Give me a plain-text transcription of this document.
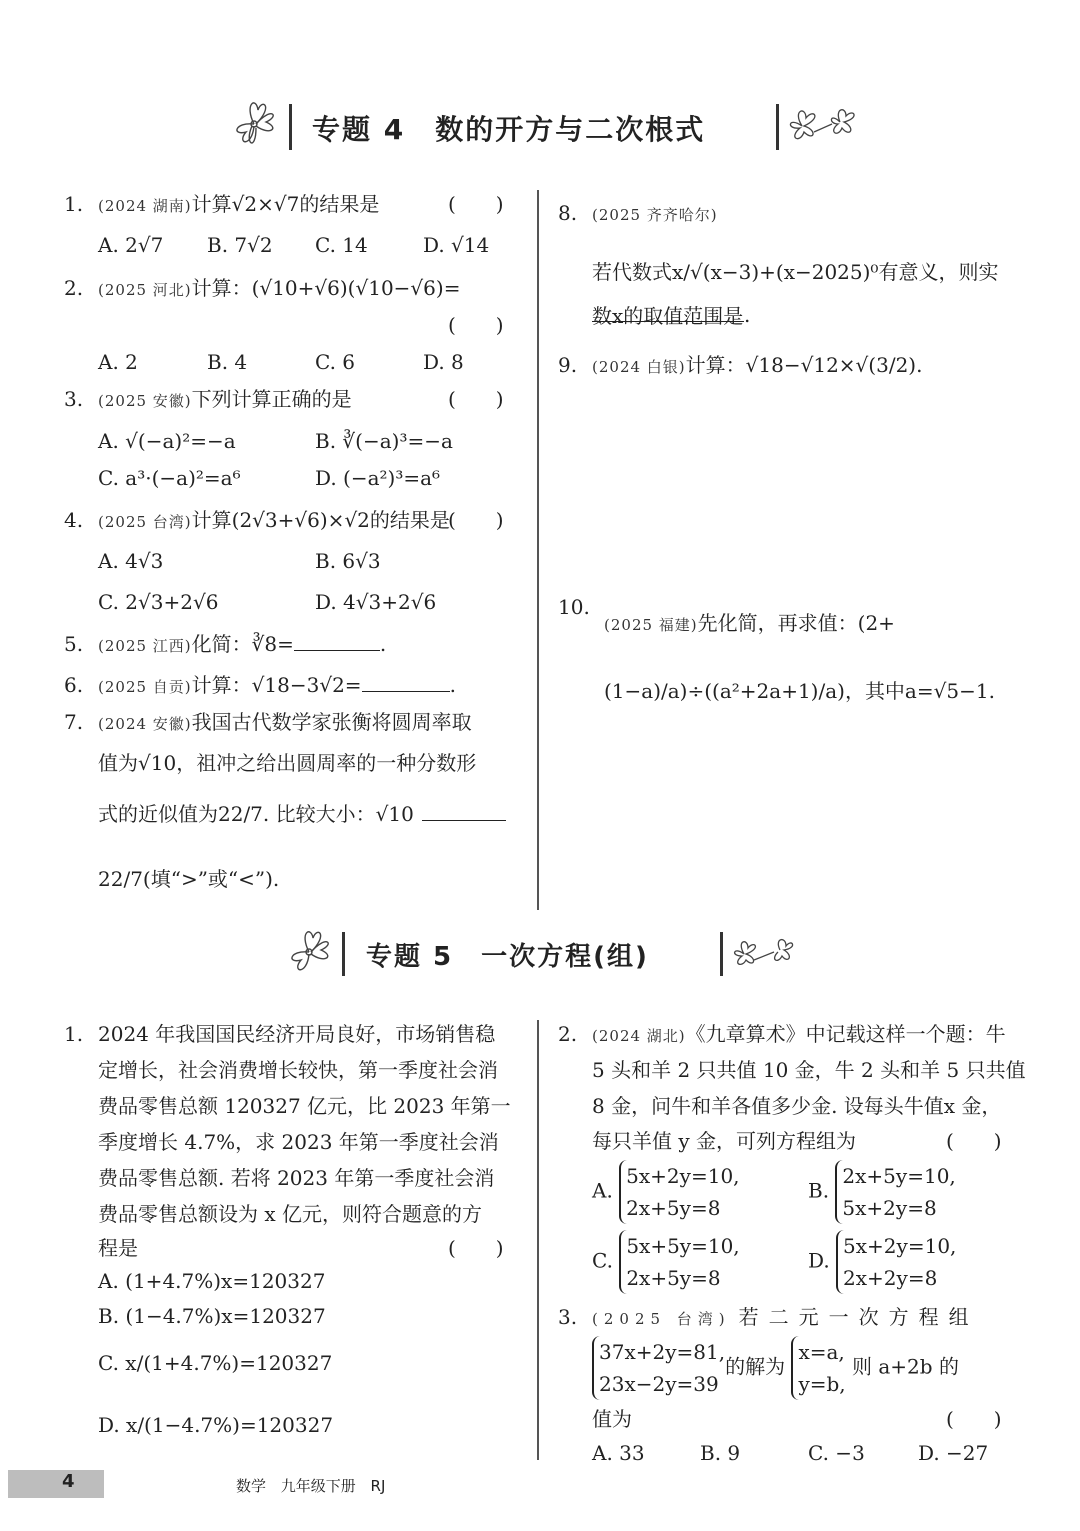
专题 4　数的开方与二次根式
1. (2024 湖南)计算√2×√7的结果是	(　　)
A. 2√7 B. 7√2 C. 14	D. √14
2. (2025 河北)计算：(√10+√6)(√10−√6)=
(　　)
A. 2	B. 4	C. 6	D. 8
3. (2025 安徽)下列计算正确的是	(　　)
A. √(−a)²=−a	B. ∛(−a)³=−a
C. a³·(−a)²=a⁶	D. (−a²)³=a⁶
4. (2025 台湾)计算(2√3+√6)×√2的结果是
(　　)
A. 4√3	B. 6√3
C. 2√3+2√6	D. 4√3+2√6
5. (2025 江西)化简：∛8=	.
6. (2025 自贡)计算：√18−3√2=	.
7. (2024 安徽)我国古代数学家张衡将圆周率取
值为√10，祖冲之给出圆周率的一种分数形
式的近似值为22/7. 比较大小：√10
22/7(填“>”或“<”).
8. (2025 齐齐哈尔)
若代数式x/√(x−3)+(x−2025)⁰有意义，则实数x的取值范围是 .
9. (2024 白银)计算：√18−√12×√(3/2).
10.
(2025 福建)先化简，再求值：(2+(1−a)/a)÷((a²+2a+1)/a)，其中a=√5−1.
专题 5　一次方程(组)
1. 2024 年我国国民经济开局良好，市场销售稳
定增长，社会消费增长较快，第一季度社会消
费品零售总额 120327 亿元，比 2023 年第一
季度增长 4.7%，求 2023 年第一季度社会消
费品零售总额. 若将 2023 年第一季度社会消
费品零售总额设为 x 亿元，则符合题意的方
程是	(　　)
A. (1+4.7%)x=120327
B. (1−4.7%)x=120327
C. x/(1+4.7%)=120327
D. x/(1−4.7%)=120327
2. (2024 湖北)《九章算术》中记载这样一个题：牛
5 头和羊 2 只共值 10 金，牛 2 头和羊 5 只共值
8 金，问牛和羊各值多少金. 设每头牛值x 金，
每只羊值 y 金，可列方程组为	(　　)
A. 5x+2y=10,
2x+5y=8
B. 2x+5y=10,
5x+2y=8
C. 5x+5y=10,
2x+5y=8
D. 5x+2y=10,
2x+2y=8
3. (2025 台湾) 若二元一次方程组
37x+2y=81,
23x−2y=39的解为 x=a,
y=b, 则 a+2b 的
值为	(　　)
A. 33	B. 9	C. −3	D. −27
4	数学 九年级下册 RJ
